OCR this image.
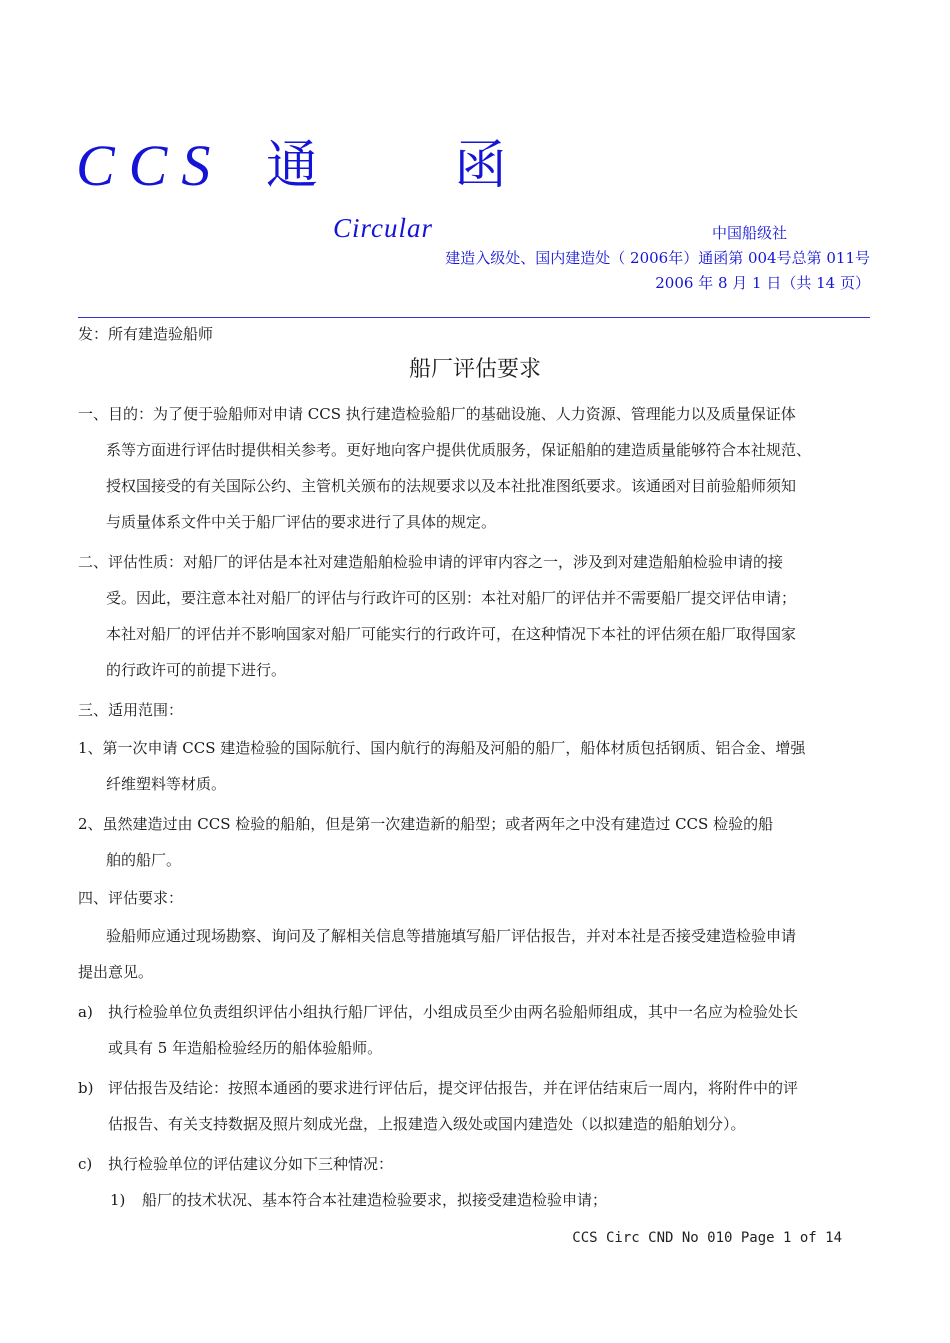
CCS 通 函
Circular	中国船级社
建造入级处、国内建造处（ 2006年）通函第 004号总第 011号
2006 年 8 月 1 日（共 14 页）
发：所有建造验船师
船厂评估要求
一、目的：为了便于验船师对申请 CCS 执行建造检验船厂的基础设施、人力资源、管理能力以及质量保证体
系等方面进行评估时提供相关参考。更好地向客户提供优质服务，保证船舶的建造质量能够符合本社规范、
授权国接受的有关国际公约、主管机关颁布的法规要求以及本社批准图纸要求。该通函对目前验船师须知
与质量体系文件中关于船厂评估的要求进行了具体的规定。
二、评估性质：对船厂的评估是本社对建造船舶检验申请的评审内容之一，涉及到对建造船舶检验申请的接
受。因此，要注意本社对船厂的评估与行政许可的区别：本社对船厂的评估并不需要船厂提交评估申请；
本社对船厂的评估并不影响国家对船厂可能实行的行政许可，在这种情况下本社的评估须在船厂取得国家
的行政许可的前提下进行。
三、适用范围：
1、第一次申请 CCS 建造检验的国际航行、国内航行的海船及河船的船厂，船体材质包括钢质、铝合金、增强
纤维塑料等材质。
2、虽然建造过由 CCS 检验的船舶，但是第一次建造新的船型；或者两年之中没有建造过 CCS 检验的船
舶的船厂。
四、评估要求：
验船师应通过现场勘察、询问及了解相关信息等措施填写船厂评估报告，并对本社是否接受建造检验申请
提出意见。
a) 执行检验单位负责组织评估小组执行船厂评估，小组成员至少由两名验船师组成，其中一名应为检验处长
或具有 5 年造船检验经历的船体验船师。
b) 评估报告及结论：按照本通函的要求进行评估后，提交评估报告，并在评估结束后一周内，将附件中的评
估报告、有关支持数据及照片刻成光盘，上报建造入级处或国内建造处（以拟建造的船舶划分）。
c) 执行检验单位的评估建议分如下三种情况：
1) 船厂的技术状况、基本符合本社建造检验要求，拟接受建造检验申请；
CCS Circ CND No 010 Page 1 of 14
